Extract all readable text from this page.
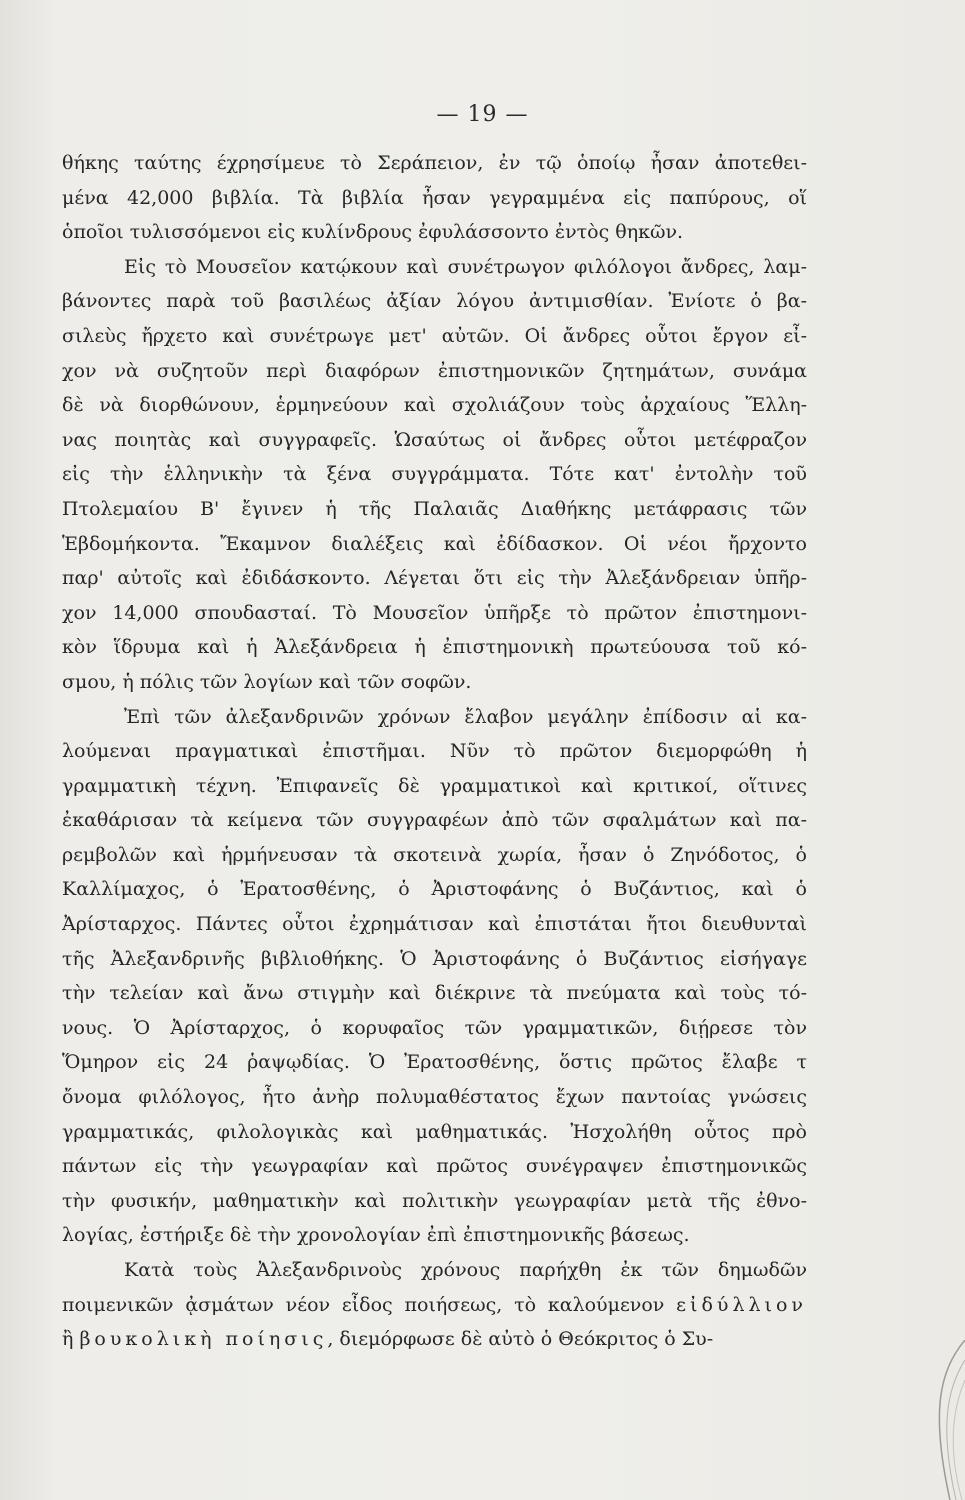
— 19 —
θήκης ταύτης έχρησίμευε τὸ Σεράπειον, ἐν τῷ ὁποίῳ ἦσαν ἀποτεθει-
μένα 42,000 βιβλία. Τὰ βιβλία ἦσαν γεγραμμένα εἰς παπύρους, οἵ
ὁποῖοι τυλισσόμενοι εἰς κυλίνδρους ἐφυλάσσοντο ἐντὸς θηκῶν.
Εἰς τὸ Μουσεῖον κατῴκουν καὶ συνέτρωγον φιλόλογοι ἄνδρες, λαμ-
βάνοντες παρὰ τοῦ βασιλέως ἀξίαν λόγου ἀντιμισθίαν. Ἐνίοτε ὁ βα-
σιλεὺς ἤρχετο καὶ συνέτρωγε μετ' αὐτῶν. Οἱ ἄνδρες οὗτοι ἔργον εἶ-
χον νὰ συζητοῦν περὶ διαφόρων ἐπιστημονικῶν ζητημάτων, συνάμα
δὲ νὰ διορθώνουν, ἑρμηνεύουν καὶ σχολιάζουν τοὺς ἀρχαίους Ἕλλη-
νας ποιητὰς καὶ συγγραφεῖς. Ὡσαύτως οἱ ἄνδρες οὗτοι μετέφραζον
εἰς τὴν ἑλληνικὴν τὰ ξένα συγγράμματα. Τότε κατ' ἐντολὴν τοῦ
Πτολεμαίου Β' ἔγινεν ἡ τῆς Παλαιᾶς Διαθήκης μετάφρασις τῶν
Ἑβδομήκοντα. Ἔκαμνον διαλέξεις καὶ ἐδίδασκον. Οἱ νέοι ἤρχοντο
παρ' αὐτοῖς καὶ ἐδιδάσκοντο. Λέγεται ὅτι εἰς τὴν Ἀλεξάνδρειαν ὑπῆρ-
χον 14,000 σπουδασταί. Τὸ Μουσεῖον ὑπῆρξε τὸ πρῶτον ἐπιστημονι-
κὸν ἵδρυμα καὶ ἡ Ἀλεξάνδρεια ἡ ἐπιστημονικὴ πρωτεύουσα τοῦ κό-
σμου, ἡ πόλις τῶν λογίων καὶ τῶν σοφῶν.
Ἐπὶ τῶν ἀλεξανδρινῶν χρόνων ἔλαβον μεγάλην ἐπίδοσιν αἱ κα-
λούμεναι πραγματικαὶ ἐπιστῆμαι. Νῦν τὸ πρῶτον διεμορφώθη ἡ
γραμματικὴ τέχνη. Ἐπιφανεῖς δὲ γραμματικοὶ καὶ κριτικοί, οἵτινες
ἐκαθάρισαν τὰ κείμενα τῶν συγγραφέων ἀπὸ τῶν σφαλμάτων καὶ πα-
ρεμβολῶν καὶ ἡρμήνευσαν τὰ σκοτεινὰ χωρία, ἦσαν ὁ Ζηνόδοτος, ὁ
Καλλίμαχος, ὁ Ἐρατοσθένης, ὁ Ἀριστοφάνης ὁ Βυζάντιος, καὶ ὁ
Ἀρίσταρχος. Πάντες οὗτοι ἐχρημάτισαν καὶ ἐπιστάται ἤτοι διευθυνταὶ
τῆς Ἀλεξανδρινῆς βιβλιοθήκης. Ὁ Ἀριστοφάνης ὁ Βυζάντιος εἰσήγαγε
τὴν τελείαν καὶ ἄνω στιγμὴν καὶ διέκρινε τὰ πνεύματα καὶ τοὺς τό-
νους. Ὁ Ἀρίσταρχος, ὁ κορυφαῖος τῶν γραμματικῶν, διῄρεσε τὸν
Ὅμηρον εἰς 24 ῥαψῳδίας. Ὁ Ἐρατοσθένης, ὅστις πρῶτος ἔλαβε τ
ὄνομα φιλόλογος, ἦτο ἀνὴρ πολυμαθέστατος ἔχων παντοίας γνώσεις
γραμματικάς, φιλολογικὰς καὶ μαθηματικάς. Ἠσχολήθη οὗτος πρὸ
πάντων εἰς τὴν γεωγραφίαν καὶ πρῶτος συνέγραψεν ἐπιστημονικῶς
τὴν φυσικήν, μαθηματικὴν καὶ πολιτικὴν γεωγραφίαν μετὰ τῆς ἐθνο-
λογίας, ἐστήριξε δὲ τὴν χρονολογίαν ἐπὶ ἐπιστημονικῆς βάσεως.
Κατὰ τοὺς Ἀλεξανδρινοὺς χρόνους παρήχθη ἐκ τῶν δημωδῶν
ποιμενικῶν ᾀσμάτων νέον εἶδος ποιήσεως, τὸ καλούμενον εἰδύλλιον
ἢ βουκολικὴ ποίησις, διεμόρφωσε δὲ αὐτὸ ὁ Θεόκριτος ὁ Συ-
